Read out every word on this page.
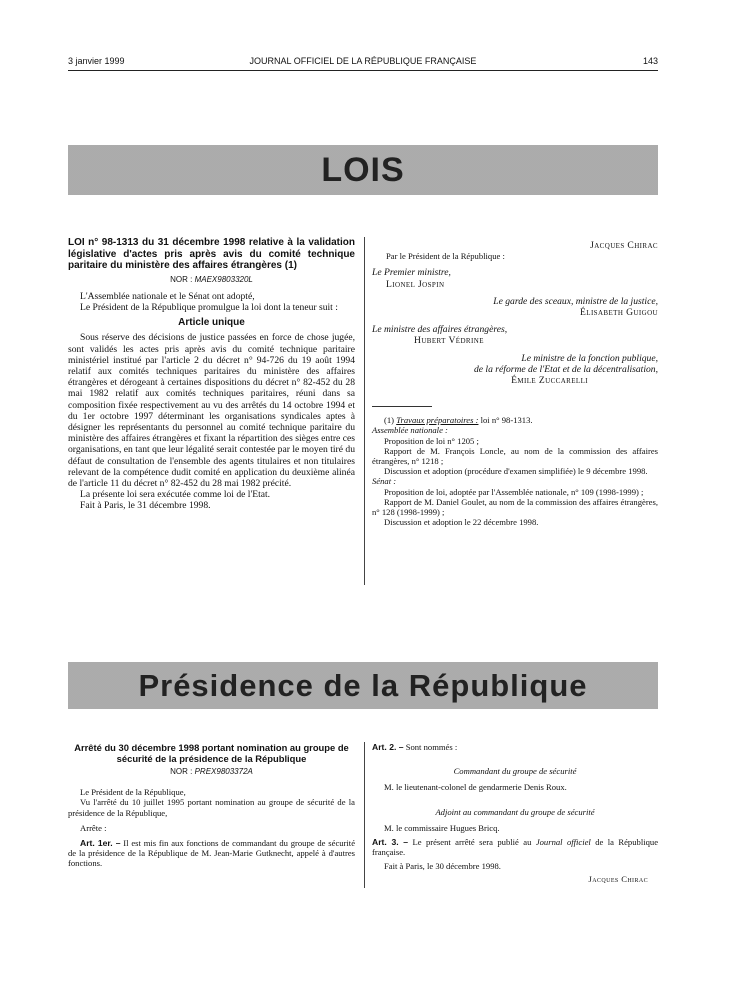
3 janvier 1999	JOURNAL OFFICIEL DE LA RÉPUBLIQUE FRANÇAISE	143
LOIS
LOI n° 98-1313 du 31 décembre 1998 relative à la validation législative d'actes pris après avis du comité technique paritaire du ministère des affaires étrangères (1)
NOR : MAEX9803320L

L'Assemblée nationale et le Sénat ont adopté,

Le Président de la République promulgue la loi dont la teneur suit :

Article unique

Sous réserve des décisions de justice passées en force de chose jugée, sont validés les actes pris après avis du comité technique paritaire ministériel institué par l'article 2 du décret n° 94-726 du 19 août 1994 relatif aux comités techniques paritaires du ministère des affaires étrangères et dérogeant à certaines dispositions du décret n° 82-452 du 28 mai 1982 relatif aux comités techniques paritaires, réuni dans sa composition fixée respectivement au vu des arrêtés du 14 octobre 1994 et du 1er octobre 1997 déterminant les organisations syndicales aptes à désigner les représentants du personnel au comité technique paritaire du ministère des affaires étrangères et fixant la répartition des sièges entre ces organisations, en tant que leur légalité serait contestée par le moyen tiré du défaut de consultation de l'ensemble des agents titulaires et non titulaires relevant de la compétence dudit comité en application du deuxième alinéa de l'article 11 du décret n° 82-452 du 28 mai 1982 précité.

La présente loi sera exécutée comme loi de l'Etat.

Fait à Paris, le 31 décembre 1998.

Jacques Chirac
Par le Président de la République :
Le Premier ministre,
Lionel Jospin
Le garde des sceaux, ministre de la justice,
Élisabeth Guigou
Le ministre des affaires étrangères,
Hubert Védrine
Le ministre de la fonction publique,
de la réforme de l'Etat et de la décentralisation,
Émile Zuccarelli

(1) Travaux préparatoires : loi n° 98-1313.

Assemblée nationale :

Proposition de loi n° 1205 ;

Rapport de M. François Loncle, au nom de la commission des affaires étrangères, n° 1218 ;

Discussion et adoption (procédure d'examen simplifiée) le 9 décembre 1998.

Sénat :

Proposition de loi, adoptée par l'Assemblée nationale, n° 109 (1998-1999) ;

Rapport de M. Daniel Goulet, au nom de la commission des affaires étrangères, n° 128 (1998-1999) ;

Discussion et adoption le 22 décembre 1998.

Présidence de la République
Arrêté du 30 décembre 1998 portant nomination au groupe de sécurité de la présidence de la République
NOR : PREX9803372A

Le Président de la République,

Vu l'arrêté du 10 juillet 1995 portant nomination au groupe de sécurité de la présidence de la République,

Arrête :

Art. 1er. – Il est mis fin aux fonctions de commandant du groupe de sécurité de la présidence de la République de M. Jean-Marie Gutknecht, appelé à d'autres fonctions.

Art. 2. – Sont nommés :

Commandant du groupe de sécurité

M. le lieutenant-colonel de gendarmerie Denis Roux.

Adjoint au commandant du groupe de sécurité

M. le commissaire Hugues Bricq.

Art. 3. – Le présent arrêté sera publié au Journal officiel de la République française.

Fait à Paris, le 30 décembre 1998.

Jacques Chirac
